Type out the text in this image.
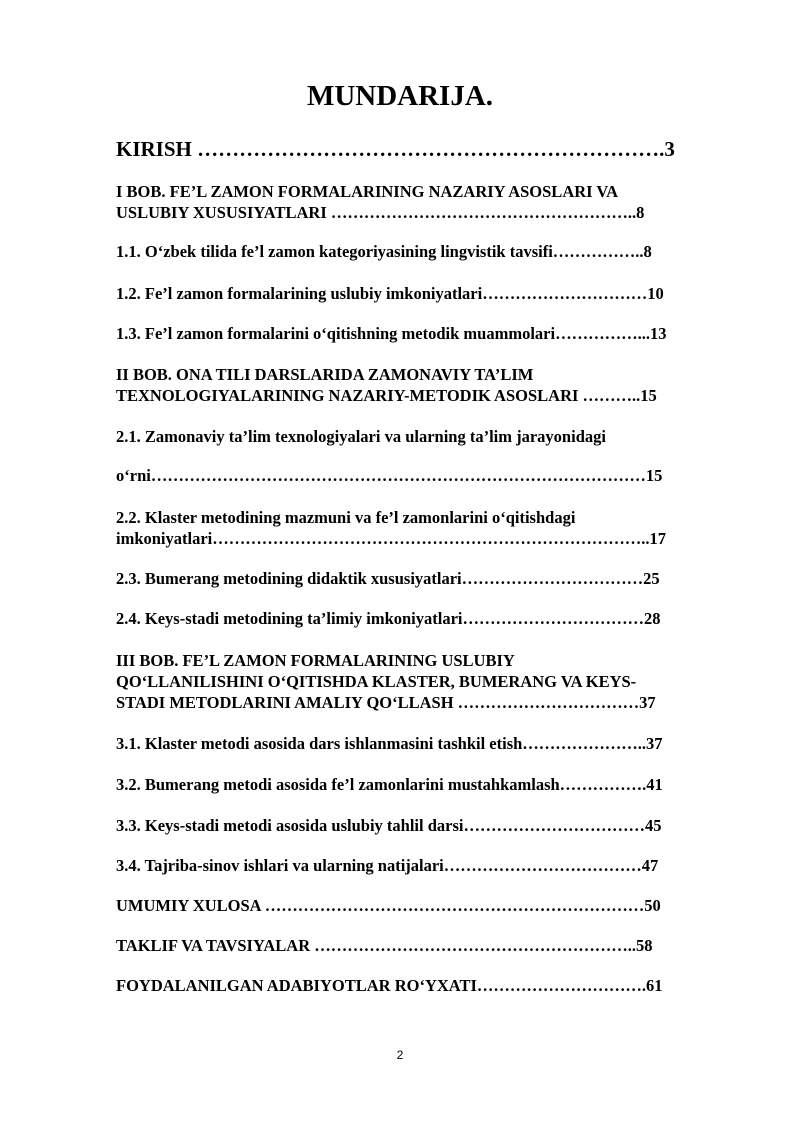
MUNDARIJA.

KIRISH ………………………………………………………….3

I BOB. FE’L ZAMON FORMALARINING NAZARIY ASOSLARI VA
USLUBIY XUSUSIYATLARI ………………………………………………..8

1.1. O‘zbek tilida fe’l zamon kategoriyasining lingvistik tavsifi……………..8

1.2. Fe’l zamon formalarining uslubiy imkoniyatlari…………………………10

1.3. Fe’l zamon formalarini o‘qitishning metodik muammolari……………...13

II BOB. ONA TILI DARSLARIDA ZAMONAVIY TA’LIM
TEXNOLOGIYALARINING NAZARIY-METODIK ASOSLARI ………..15

2.1. Zamonaviy ta’lim texnologiyalari va ularning ta’lim jarayonidagi

o‘rni………………………………………………………………………………15

2.2. Klaster metodining mazmuni va fe’l zamonlarini o‘qitishdagi
imkoniyatlari……………………………………………………………………..17

2.3. Bumerang metodining didaktik xususiyatlari……………………………25

2.4. Keys-stadi metodining ta’limiy imkoniyatlari……………………………28

III BOB. FE’L ZAMON FORMALARINING USLUBIY
QO‘LLANILISHINI O‘QITISHDA KLASTER, BUMERANG VA KEYS-
STADI METODLARINI AMALIY QO‘LLASH ……………………………37

3.1. Klaster metodi asosida dars ishlanmasini tashkil etish…………………..37

3.2. Bumerang metodi asosida fe’l zamonlarini mustahkamlash…………….41

3.3. Keys-stadi metodi asosida uslubiy tahlil darsi……………………………45

3.4. Tajriba-sinov ishlari va ularning natijalari………………………………47

UMUMIY XULOSA ……………………………………………………………50

TAKLIF VA TAVSIYALAR …………………………………………………..58

FOYDALANILGAN ADABIYOTLAR RO‘YXATI………………………….61

2
